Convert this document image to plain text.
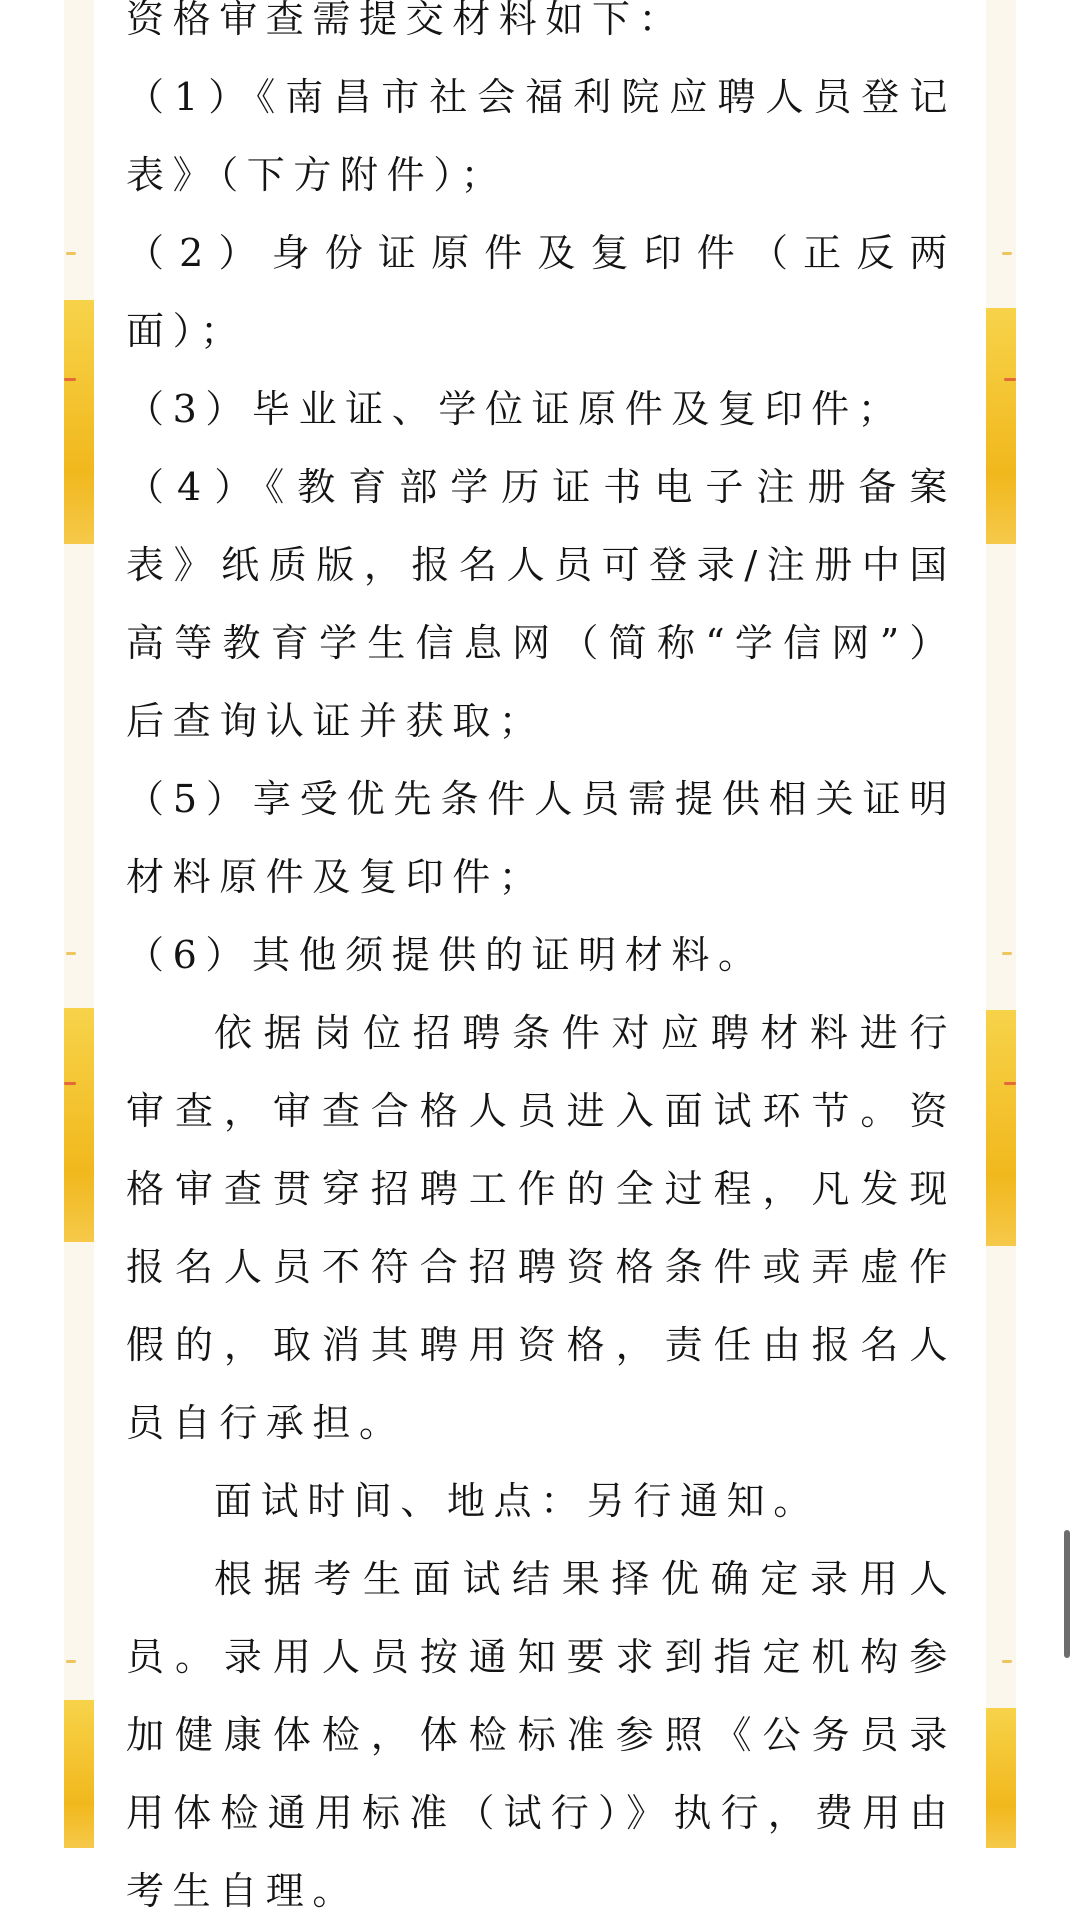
资格审查需提交材料如下：

（1）《南昌市社会福利院应聘人员登记表》（下方附件）；

（2）身份证原件及复印件（正反两面）；

（3）毕业证、学位证原件及复印件；

（4）《教育部学历证书电子注册备案表》纸质版，报名人员可登录/注册中国高等教育学生信息网（简称“学信网”）后查询认证并获取；

（5）享受优先条件人员需提供相关证明材料原件及复印件；

（6）其他须提供的证明材料。

依据岗位招聘条件对应聘材料进行审查，审查合格人员进入面试环节。资格审查贯穿招聘工作的全过程，凡发现报名人员不符合招聘资格条件或弄虚作假的，取消其聘用资格，责任由报名人员自行承担。

面试时间、地点：另行通知。

根据考生面试结果择优确定录用人员。录用人员按通知要求到指定机构参加健康体检，体检标准参照《公务员录用体检通用标准（试行）》执行，费用由考生自理。
